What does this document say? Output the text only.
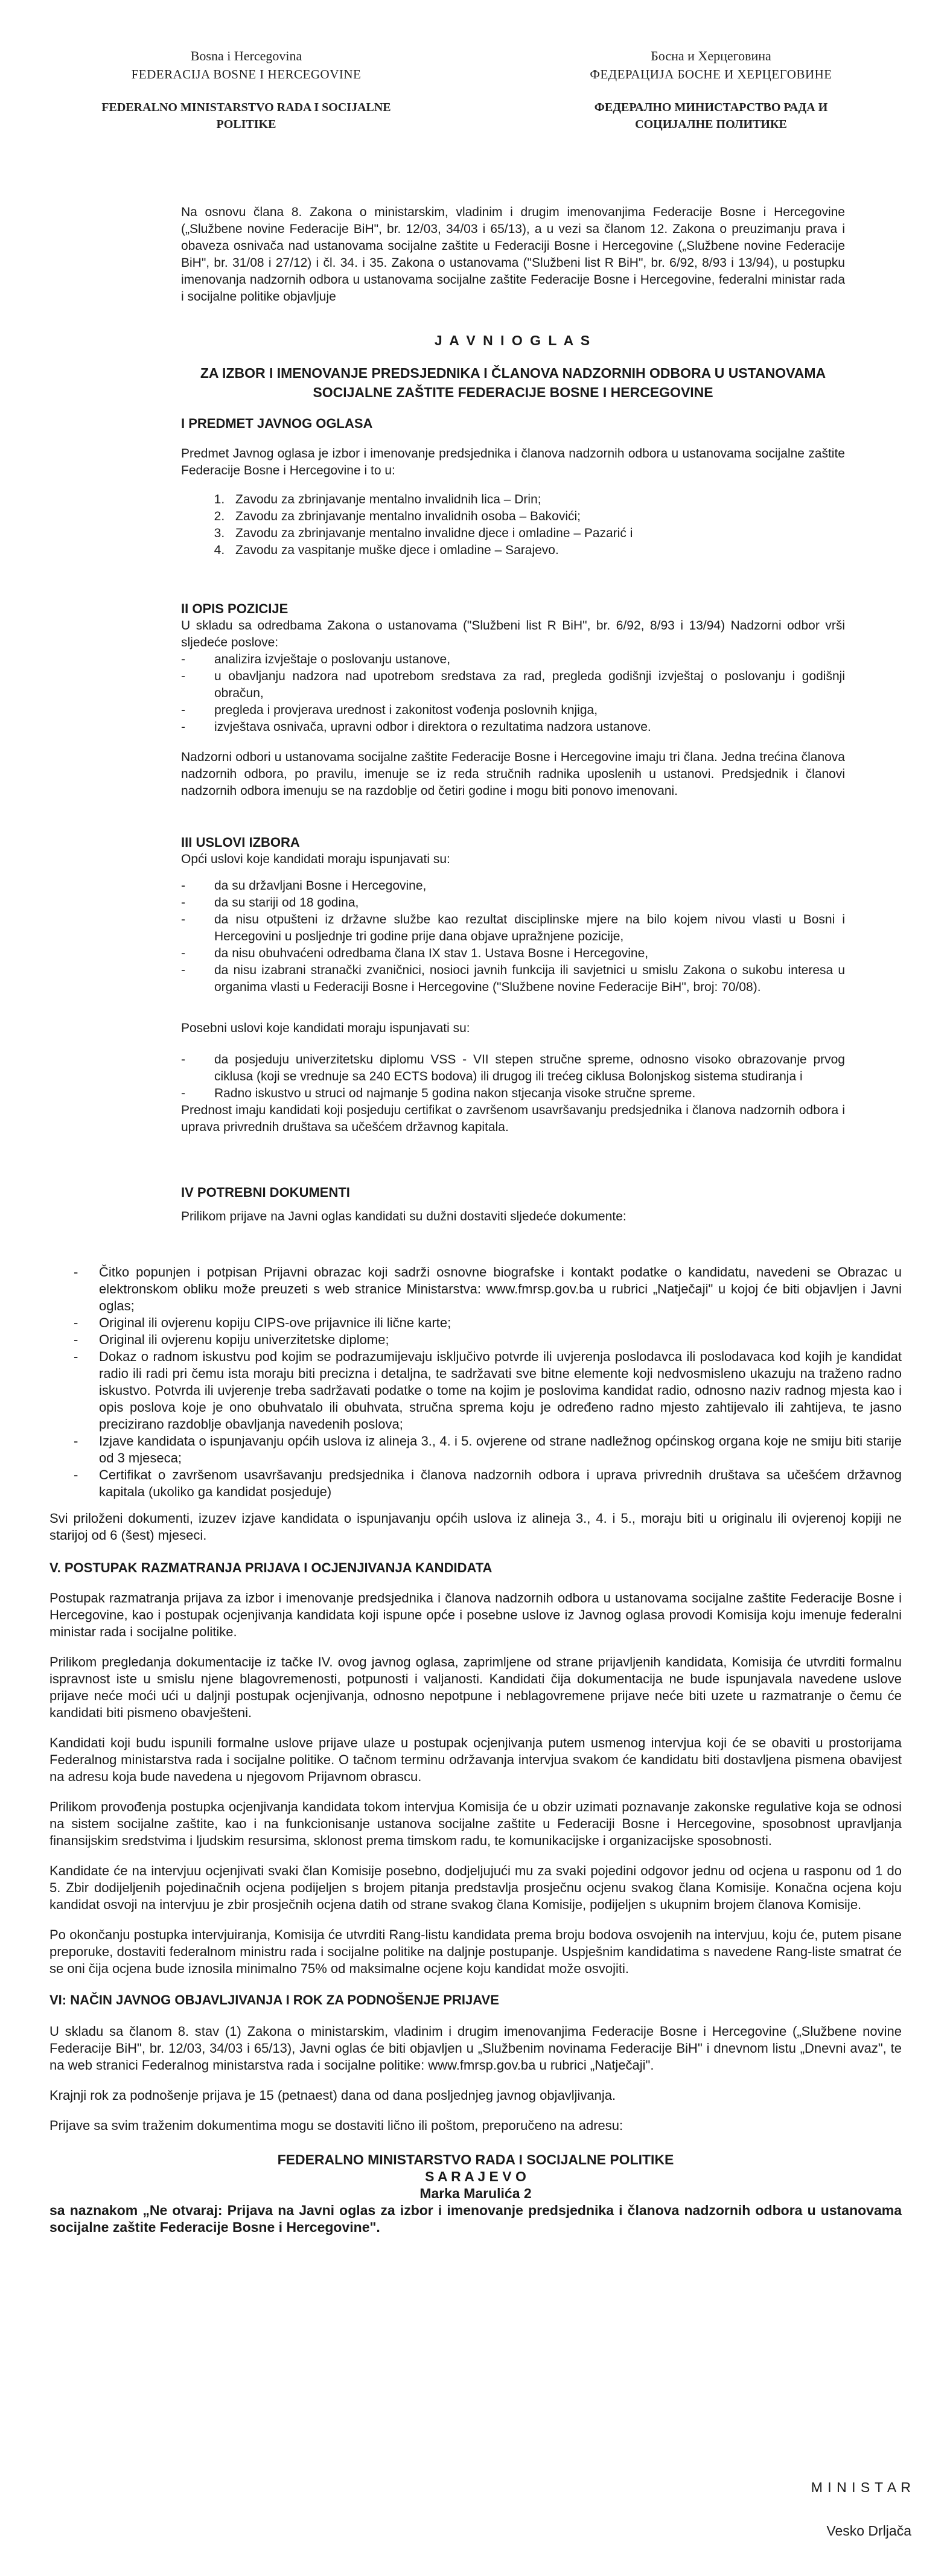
Bosna i Hercegovina
FEDERACIJA BOSNE I HERCEGOVINE
FEDERALNO MINISTARSTVO RADA I SOCIJALNE POLITIKE
Босна и Херцеговина
ФЕДЕРАЦИЈА БОСНЕ И ХЕРЦЕГОВИНЕ
ФЕДЕРАЛНО МИНИСТАРСТВО РАДА И СОЦИЈАЛНЕ ПОЛИТИКЕ

Na osnovu člana 8. Zakona o ministarskim, vladinim i drugim imenovanjima Federacije Bosne i Hercegovine („Službene novine Federacije BiH", br. 12/03, 34/03 i 65/13), a u vezi sa članom 12. Zakona o preuzimanju prava i obaveza osnivača nad ustanovama socijalne zaštite u Federaciji Bosne i Hercegovine („Službene novine Federacije BiH", br. 31/08 i 27/12) i čl. 34. i 35. Zakona o ustanovama ("Službeni list R BiH", br. 6/92, 8/93 i 13/94), u postupku imenovanja nadzornih odbora u ustanovama socijalne zaštite Federacije Bosne i Hercegovine, federalni ministar rada i socijalne politike objavljuje

J A V N I O G L A S
ZA IZBOR I IMENOVANJE PREDSJEDNIKA I ČLANOVA NADZORNIH ODBORA U USTANOVAMA
SOCIJALNE ZAŠTITE FEDERACIJE BOSNE I HERCEGOVINE
I PREDMET JAVNOG OGLASA

Predmet Javnog oglasa je izbor i imenovanje predsjednika i članova nadzornih odbora u ustanovama socijalne zaštite Federacije Bosne i Hercegovine i to u:

1. Zavodu za zbrinjavanje mentalno invalidnih lica – Drin;
2. Zavodu za zbrinjavanje mentalno invalidnih osoba – Bakovići;
3. Zavodu za zbrinjavanje mentalno invalidne djece i omladine – Pazarić i
4. Zavodu za vaspitanje muške djece i omladine – Sarajevo.
II OPIS POZICIJE

U skladu sa odredbama Zakona o ustanovama ("Službeni list R BiH", br. 6/92, 8/93 i 13/94) Nadzorni odbor vrši sljedeće poslove:

- analizira izvještaje o poslovanju ustanove,
- u obavljanju nadzora nad upotrebom sredstava za rad, pregleda godišnji izvještaj o poslovanju i godišnji obračun,
- pregleda i provjerava urednost i zakonitost vođenja poslovnih knjiga,
- izvještava osnivača, upravni odbor i direktora o rezultatima nadzora ustanove.

Nadzorni odbori u ustanovama socijalne zaštite Federacije Bosne i Hercegovine imaju tri člana. Jedna trećina članova nadzornih odbora, po pravilu, imenuje se iz reda stručnih radnika uposlenih u ustanovi. Predsjednik i članovi nadzornih odbora imenuju se na razdoblje od četiri godine i mogu biti ponovo imenovani.

III USLOVI IZBORA

Opći uslovi koje kandidati moraju ispunjavati su:

- da su državljani Bosne i Hercegovine,
- da su stariji od 18 godina,
- da nisu otpušteni iz državne službe kao rezultat disciplinske mjere na bilo kojem nivou vlasti u Bosni i Hercegovini u posljednje tri godine prije dana objave upražnjene pozicije,
- da nisu obuhvaćeni odredbama člana IX stav 1. Ustava Bosne i Hercegovine,
- da nisu izabrani stranački zvaničnici, nosioci javnih funkcija ili savjetnici u smislu Zakona o sukobu interesa u organima vlasti u Federaciji Bosne i Hercegovine ("Službene novine Federacije BiH", broj: 70/08).

Posebni uslovi koje kandidati moraju ispunjavati su:

- da posjeduju univerzitetsku diplomu VSS - VII stepen stručne spreme, odnosno visoko obrazovanje prvog ciklusa (koji se vrednuje sa 240 ECTS bodova) ili drugog ili trećeg ciklusa Bolonjskog sistema studiranja i
- Radno iskustvo u struci od najmanje 5 godina nakon stjecanja visoke stručne spreme.

Prednost imaju kandidati koji posjeduju certifikat o završenom usavršavanju predsjednika i članova nadzornih odbora i uprava privrednih društava sa učešćem državnog kapitala.

IV POTREBNI DOKUMENTI

Prilikom prijave na Javni oglas kandidati su dužni dostaviti sljedeće dokumente:

- Čitko popunjen i potpisan Prijavni obrazac koji sadrži osnovne biografske i kontakt podatke o kandidatu, navedeni se Obrazac u elektronskom obliku može preuzeti s web stranice Ministarstva: www.fmrsp.gov.ba u rubrici „Natječaji" u kojoj će biti objavljen i Javni oglas;
- Original ili ovjerenu kopiju CIPS-ove prijavnice ili lične karte;
- Original ili ovjerenu kopiju univerzitetske diplome;
- Dokaz o radnom iskustvu pod kojim se podrazumijevaju isključivo potvrde ili uvjerenja poslodavca ili poslodavaca kod kojih je kandidat radio ili radi pri čemu ista moraju biti precizna i detaljna, te sadržavati sve bitne elemente koji nedvosmisleno ukazuju na traženo radno iskustvo. Potvrda ili uvjerenje treba sadržavati podatke o tome na kojim je poslovima kandidat radio, odnosno naziv radnog mjesta kao i opis poslova koje je ono obuhvatalo ili obuhvata, stručna sprema koju je određeno radno mjesto zahtijevalo ili zahtijeva, te jasno precizirano razdoblje obavljanja navedenih poslova;
- Izjave kandidata o ispunjavanju općih uslova iz alineja 3., 4. i 5. ovjerene od strane nadležnog općinskog organa koje ne smiju biti starije od 3 mjeseca;
- Certifikat o završenom usavršavanju predsjednika i članova nadzornih odbora i uprava privrednih društava sa učešćem državnog kapitala (ukoliko ga kandidat posjeduje)

Svi priloženi dokumenti, izuzev izjave kandidata o ispunjavanju općih uslova iz alineja 3., 4. i 5., moraju biti u originalu ili ovjerenoj kopiji ne starijoj od 6 (šest) mjeseci.

V. POSTUPAK RAZMATRANJA PRIJAVA I OCJENJIVANJA KANDIDATA

Postupak razmatranja prijava za izbor i imenovanje predsjednika i članova nadzornih odbora u ustanovama socijalne zaštite Federacije Bosne i Hercegovine, kao i postupak ocjenjivanja kandidata koji ispune opće i posebne uslove iz Javnog oglasa provodi Komisija koju imenuje federalni ministar rada i socijalne politike.

Prilikom pregledanja dokumentacije iz tačke IV. ovog javnog oglasa, zaprimljene od strane prijavljenih kandidata, Komisija će utvrditi formalnu ispravnost iste u smislu njene blagovremenosti, potpunosti i valjanosti. Kandidati čija dokumentacija ne bude ispunjavala navedene uslove prijave neće moći ući u daljnji postupak ocjenjivanja, odnosno nepotpune i neblagovremene prijave neće biti uzete u razmatranje o čemu će kandidati biti pismeno obavješteni.

Kandidati koji budu ispunili formalne uslove prijave ulaze u postupak ocjenjivanja putem usmenog intervjua koji će se obaviti u prostorijama Federalnog ministarstva rada i socijalne politike. O tačnom terminu održavanja intervjua svakom će kandidatu biti dostavljena pismena obavijest na adresu koja bude navedena u njegovom Prijavnom obrascu.

Prilikom provođenja postupka ocjenjivanja kandidata tokom intervjua Komisija će u obzir uzimati poznavanje zakonske regulative koja se odnosi na sistem socijalne zaštite, kao i na funkcionisanje ustanova socijalne zaštite u Federaciji Bosne i Hercegovine, sposobnost upravljanja finansijskim sredstvima i ljudskim resursima, sklonost prema timskom radu, te komunikacijske i organizacijske sposobnosti.

Kandidate će na intervjuu ocjenjivati svaki član Komisije posebno, dodjeljujući mu za svaki pojedini odgovor jednu od ocjena u rasponu od 1 do 5. Zbir dodijeljenih pojedinačnih ocjena podijeljen s brojem pitanja predstavlja prosječnu ocjenu svakog člana Komisije. Konačna ocjena koju kandidat osvoji na intervjuu je zbir prosječnih ocjena datih od strane svakog člana Komisije, podijeljen s ukupnim brojem članova Komisije.

Po okončanju postupka intervjuiranja, Komisija će utvrditi Rang-listu kandidata prema broju bodova osvojenih na intervjuu, koju će, putem pisane preporuke, dostaviti federalnom ministru rada i socijalne politike na daljnje postupanje. Uspješnim kandidatima s navedene Rang-liste smatrat će se oni čija ocjena bude iznosila minimalno 75% od maksimalne ocjene koju kandidat može osvojiti.

VI: NAČIN JAVNOG OBJAVLJIVANJA I ROK ZA PODNOŠENJE PRIJAVE

U skladu sa članom 8. stav (1) Zakona o ministarskim, vladinim i drugim imenovanjima Federacije Bosne i Hercegovine („Službene novine Federacije BiH", br. 12/03, 34/03 i 65/13), Javni oglas će biti objavljen u „Službenim novinama Federacije BiH" i dnevnom listu „Dnevni avaz", te na web stranici Federalnog ministarstva rada i socijalne politike: www.fmrsp.gov.ba u rubrici „Natječaji".

Krajnji rok za podnošenje prijava je 15 (petnaest) dana od dana posljednjeg javnog objavljivanja.

Prijave sa svim traženim dokumentima mogu se dostaviti lično ili poštom, preporučeno na adresu:

FEDERALNO MINISTARSTVO RADA I SOCIJALNE POLITIKE
S A R A J E V O
Marka Marulića 2

sa naznakom „Ne otvaraj: Prijava na Javni oglas za izbor i imenovanje predsjednika i članova nadzornih odbora u ustanovama socijalne zaštite Federacije Bosne i Hercegovine".

M I N I S T A R
Vesko Drljača
